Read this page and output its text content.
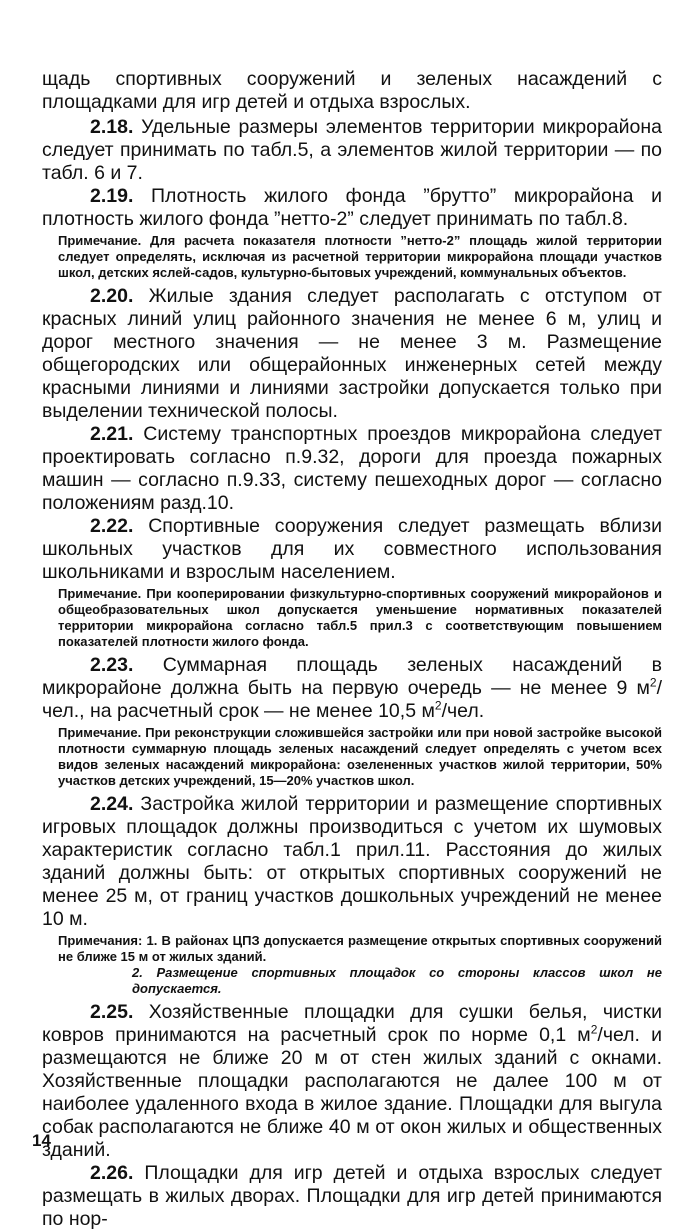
щадь спортивных сооружений и зеленых насаждений с площадками для игр детей и отдыха взрослых.

2.18. Удельные размеры элементов территории микрорайона следует принимать по табл.5, а элементов жилой территории — по табл. 6 и 7.

2.19. Плотность жилого фонда ”брутто” микрорайона и плотность жилого фонда ”нетто-2” следует принимать по табл.8.

Примечание. Для расчета показателя плотности ”нетто-2” площадь жилой территории следует определять, исключая из расчетной территории микрорайона площади участков школ, детских яслей-садов, культурно-бытовых учреждений, коммунальных объектов.

2.20. Жилые здания следует располагать с отступом от красных линий улиц районного значения не менее 6 м, улиц и дорог местного значения — не менее 3 м. Размещение общегородских или общерайонных инженерных сетей между красными линиями и линиями застройки допускается только при выделении технической полосы.

2.21. Систему транспортных проездов микрорайона следует проектировать согласно п.9.32, дороги для проезда пожарных машин — согласно п.9.33, систему пешеходных дорог — согласно положениям разд.10.

2.22. Спортивные сооружения следует размещать вблизи школьных участков для их совместного использования школьниками и взрослым населением.

Примечание. При кооперировании физкультурно-спортивных сооружений микрорайонов и общеобразовательных школ допускается уменьшение нормативных показателей территории микрорайона согласно табл.5 прил.3 с соответствующим повышением показателей плотности жилого фонда.

2.23. Суммарная площадь зеленых насаждений в микрорайоне должна быть на первую очередь — не менее 9 $м^2$/чел., на расчетный срок — не менее 10,5 $м^2$/чел.

Примечание. При реконструкции сложившейся застройки или при новой застройке высокой плотности суммарную площадь зеленых насаждений следует определять с учетом всех видов зеленых насаждений микрорайона: озелененных участков жилой территории, 50% участков детских учреждений, 15—20% участков школ.

2.24. Застройка жилой территории и размещение спортивных игровых площадок должны производиться с учетом их шумовых характеристик согласно табл.1 прил.11. Расстояния до жилых зданий должны быть: от открытых спортивных сооружений не менее 25 м, от границ участков дошкольных учреждений не менее 10 м.

Примечания: 1. В районах ЦПЗ допускается размещение открытых спортивных сооружений не ближе 15 м от жилых зданий.
2. Размещение спортивных площадок со стороны классов школ не допускается.

2.25. Хозяйственные площадки для сушки белья, чистки ковров принимаются на расчетный срок по норме 0,1 $м^2$/чел. и размещаются не ближе 20 м от стен жилых зданий с окнами. Хозяйственные площадки располагаются не далее 100 м от наиболее удаленного входа в жилое здание. Площадки для выгула собак располагаются не ближе 40 м от окон жилых и общественных зданий.

2.26. Площадки для игр детей и отдыха взрослых следует размещать в жилых дворах. Площадки для игр детей принимаются по нор-

14
